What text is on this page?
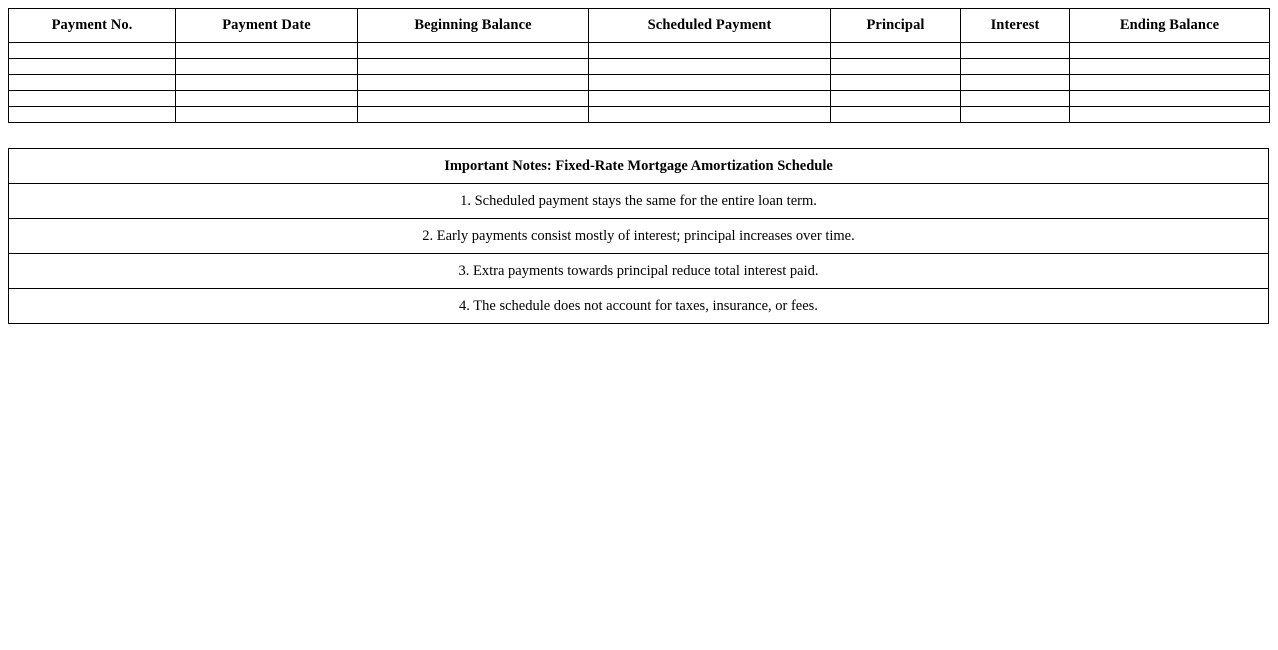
Payment No.	Payment Date	Beginning Balance	Scheduled Payment	Principal	Interest	Ending Balance

Important Notes: Fixed-Rate Mortgage Amortization Schedule
1. Scheduled payment stays the same for the entire loan term.
2. Early payments consist mostly of interest; principal increases over time.
3. Extra payments towards principal reduce total interest paid.
4. The schedule does not account for taxes, insurance, or fees.
